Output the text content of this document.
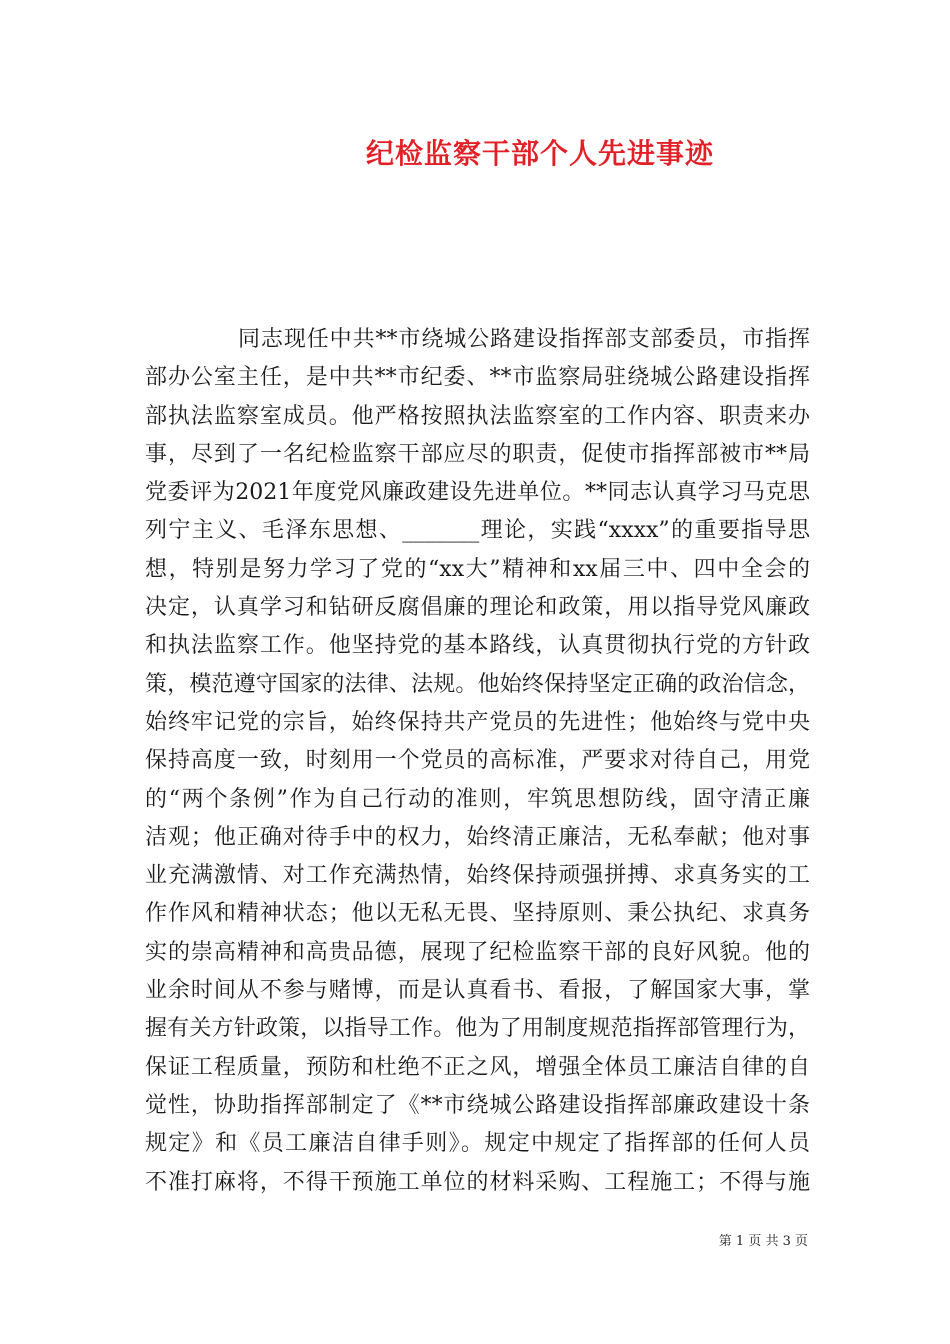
纪检监察干部个人先进事迹
同志现任中共**市绕城公路建设指挥部支部委员，市指挥
部办公室主任，是中共**市纪委、**市监察局驻绕城公路建设指挥
部执法监察室成员。他严格按照执法监察室的工作内容、职责来办
事，尽到了一名纪检监察干部应尽的职责，促使市指挥部被市**局
党委评为2021年度党风廉政建设先进单位。**同志认真学习马克思
列宁主义、毛泽东思想、_______理论，实践“xxxx”的重要指导思
想，特别是努力学习了党的“xx大”精神和xx届三中、四中全会的
决定，认真学习和钻研反腐倡廉的理论和政策，用以指导党风廉政
和执法监察工作。他坚持党的基本路线，认真贯彻执行党的方针政
策，模范遵守国家的法律、法规。他始终保持坚定正确的政治信念，
始终牢记党的宗旨，始终保持共产党员的先进性；他始终与党中央
保持高度一致，时刻用一个党员的高标准，严要求对待自己，用党
的“两个条例”作为自己行动的准则，牢筑思想防线，固守清正廉
洁观；他正确对待手中的权力，始终清正廉洁，无私奉献；他对事
业充满激情、对工作充满热情，始终保持顽强拼搏、求真务实的工
作作风和精神状态；他以无私无畏、坚持原则、秉公执纪、求真务
实的崇高精神和高贵品德，展现了纪检监察干部的良好风貌。他的
业余时间从不参与赌博，而是认真看书、看报，了解国家大事，掌
握有关方针政策，以指导工作。他为了用制度规范指挥部管理行为，
保证工程质量，预防和杜绝不正之风，增强全体员工廉洁自律的自
觉性，协助指挥部制定了《**市绕城公路建设指挥部廉政建设十条
规定》和《员工廉洁自律手则》。规定中规定了指挥部的任何人员
不准打麻将，不得干预施工单位的材料采购、工程施工；不得与施
第 1 页 共 3 页
